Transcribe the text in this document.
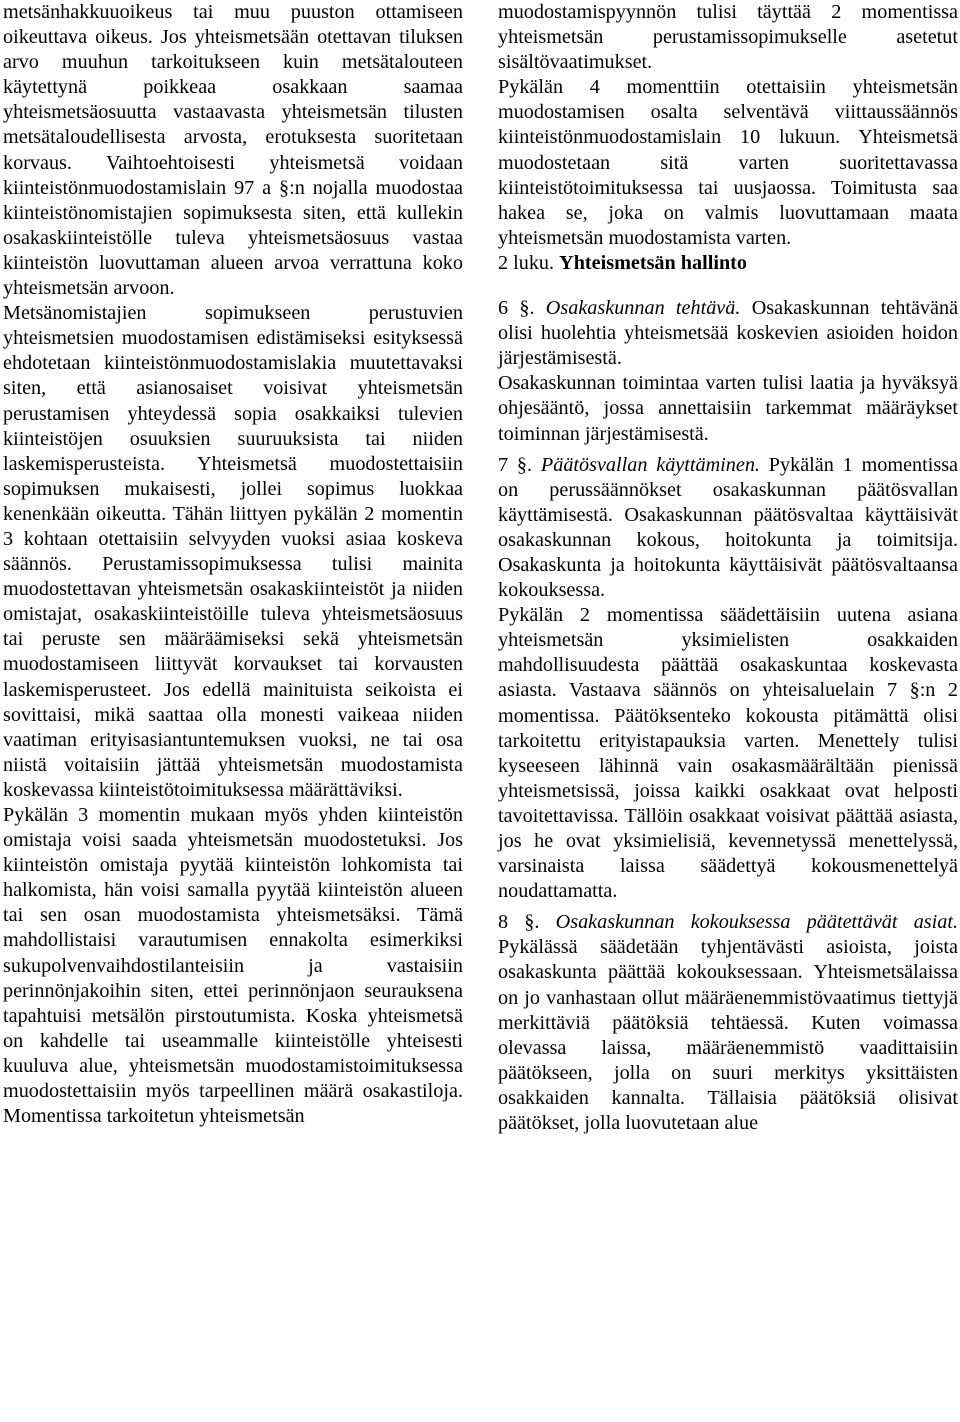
metsänhakkuuoikeus tai muu puuston ottamiseen oikeuttava oikeus. Jos yhteismetsään otettavan tiluksen arvo muuhun tarkoitukseen kuin metsätalouteen käytettynä poikkeaa osakkaan saamaa yhteismetsäosuutta vastaavasta yhteismetsän tilusten metsätaloudellisesta arvosta, erotuksesta suoritetaan korvaus. Vaihtoehtoisesti yhteismetsä voidaan kiinteistönmuodostamislain 97 a §:n nojalla muodostaa kiinteistönomistajien sopimuksesta siten, että kullekin osakaskiinteistölle tuleva yhteismetsäosuus vastaa kiinteistön luovuttaman alueen arvoa verrattuna koko yhteismetsän arvoon.

Metsänomistajien sopimukseen perustuvien yhteismetsien muodostamisen edistämiseksi esityksessä ehdotetaan kiinteistönmuodostamislakia muutettavaksi siten, että asianosaiset voisivat yhteismetsän perustamisen yhteydessä sopia osakkaiksi tulevien kiinteistöjen osuuksien suuruuksista tai niiden laskemisperusteista. Yhteismetsä muodostettaisiin sopimuksen mukaisesti, jollei sopimus luokkaa kenenkään oikeutta. Tähän liittyen pykälän 2 momentin 3 kohtaan otettaisiin selvyyden vuoksi asiaa koskeva säännös. Perustamissopimuksessa tulisi mainita muodostettavan yhteismetsän osakaskiinteistöt ja niiden omistajat, osakaskiinteistöille tuleva yhteismetsäosuus tai peruste sen määräämiseksi sekä yhteismetsän muodostamiseen liittyvät korvaukset tai korvausten laskemisperusteet. Jos edellä mainituista seikoista ei sovittaisi, mikä saattaa olla monesti vaikeaa niiden vaatiman erityisasiantuntemuksen vuoksi, ne tai osa niistä voitaisiin jättää yhteismetsän muodostamista koskevassa kiinteistötoimituksessa määrättäviksi.

Pykälän 3 momentin mukaan myös yhden kiinteistön omistaja voisi saada yhteismetsän muodostetuksi. Jos kiinteistön omistaja pyytää kiinteistön lohkomista tai halkomista, hän voisi samalla pyytää kiinteistön alueen tai sen osan muodostamista yhteismetsäksi. Tämä mahdollistaisi varautumisen ennakolta esimerkiksi sukupolvenvaihdostilanteisiin ja vastaisiin perinnönjakoihin siten, ettei perinnönjaon seurauksena tapahtuisi metsälön pirstoutumista. Koska yhteismetsä on kahdelle tai useammalle kiinteistölle yhteisesti kuuluva alue, yhteismetsän muodostamistoimituksessa muodostettaisiin myös tarpeellinen määrä osakastiloja. Momentissa tarkoitetun yhteismetsän

muodostamispyynnön tulisi täyttää 2 momentissa yhteismetsän perustamissopimukselle asetetut sisältövaatimukset.

Pykälän 4 momenttiin otettaisiin yhteismetsän muodostamisen osalta selventävä viittaussäännös kiinteistönmuodostamislain 10 lukuun. Yhteismetsä muodostetaan sitä varten suoritettavassa kiinteistötoimituksessa tai uusjaossa. Toimitusta saa hakea se, joka on valmis luovuttamaan maata yhteismetsän muodostamista varten.

2 luku. Yhteismetsän hallinto

6 §. Osakaskunnan tehtävä. Osakaskunnan tehtävänä olisi huolehtia yhteismetsää koskevien asioiden hoidon järjestämisestä.

Osakaskunnan toimintaa varten tulisi laatia ja hyväksyä ohjesääntö, jossa annettaisiin tarkemmat määräykset toiminnan järjestämisestä.

7 §. Päätösvallan käyttäminen. Pykälän 1 momentissa on perussäännökset osakaskunnan päätösvallan käyttämisestä. Osakaskunnan päätösvaltaa käyttäisivät osakaskunnan kokous, hoitokunta ja toimitsija. Osakaskunta ja hoitokunta käyttäisivät päätösvaltaansa kokouksessa.

Pykälän 2 momentissa säädettäisiin uutena asiana yhteismetsän yksimielisten osakkaiden mahdollisuudesta päättää osakaskuntaa koskevasta asiasta. Vastaava säännös on yhteisaluelain 7 §:n 2 momentissa. Päätöksenteko kokousta pitämättä olisi tarkoitettu erityistapauksia varten. Menettely tulisi kyseeseen lähinnä vain osakasmäärältään pienissä yhteismetsissä, joissa kaikki osakkaat ovat helposti tavoitettavissa. Tällöin osakkaat voisivat päättää asiasta, jos he ovat yksimielisiä, kevennetyssä menettelyssä, varsinaista laissa säädettyä kokousmenettelyä noudattamatta.

8 §. Osakaskunnan kokouksessa päätettävät asiat. Pykälässä säädetään tyhjentävästi asioista, joista osakaskunta päättää kokouksessaan. Yhteismetsälaissa on jo vanhastaan ollut määräenemmistövaatimus tiettyjä merkittäviä päätöksiä tehtäessä. Kuten voimassa olevassa laissa, määräenemmistö vaadittaisiin päätökseen, jolla on suuri merkitys yksittäisten osakkaiden kannalta. Tällaisia päätöksiä olisivat päätökset, jolla luovutetaan alue
